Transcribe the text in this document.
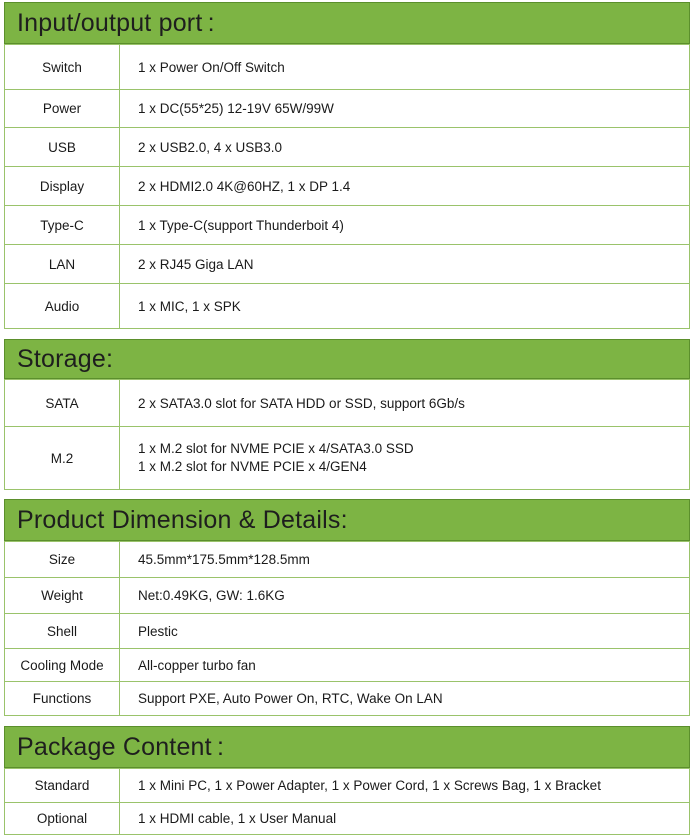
Input/output port :
Switch	1 x Power On/Off Switch
Power	1 x DC(55*25) 12-19V 65W/99W
USB	2 x USB2.0, 4 x USB3.0
Display	2 x HDMI2.0 4K@60HZ, 1 x DP 1.4
Type-C	1 x Type-C(support Thunderboit 4)
LAN	2 x RJ45 Giga LAN
Audio	1 x MIC, 1 x SPK
Storage:
SATA	2 x SATA3.0 slot for SATA HDD or SSD, support 6Gb/s
M.2	1 x M.2 slot for NVME PCIE x 4/SATA3.0 SSD
1 x M.2 slot for NVME PCIE x 4/GEN4
Product Dimension & Details:
Size	45.5mm*175.5mm*128.5mm
Weight	Net:0.49KG, GW: 1.6KG
Shell	Plestic
Cooling Mode	All-copper turbo fan
Functions	Support PXE, Auto Power On, RTC, Wake On LAN
Package Content :
Standard	1 x Mini PC, 1 x Power Adapter, 1 x Power Cord, 1 x Screws Bag, 1 x Bracket
Optional	1 x HDMI cable, 1 x User Manual
